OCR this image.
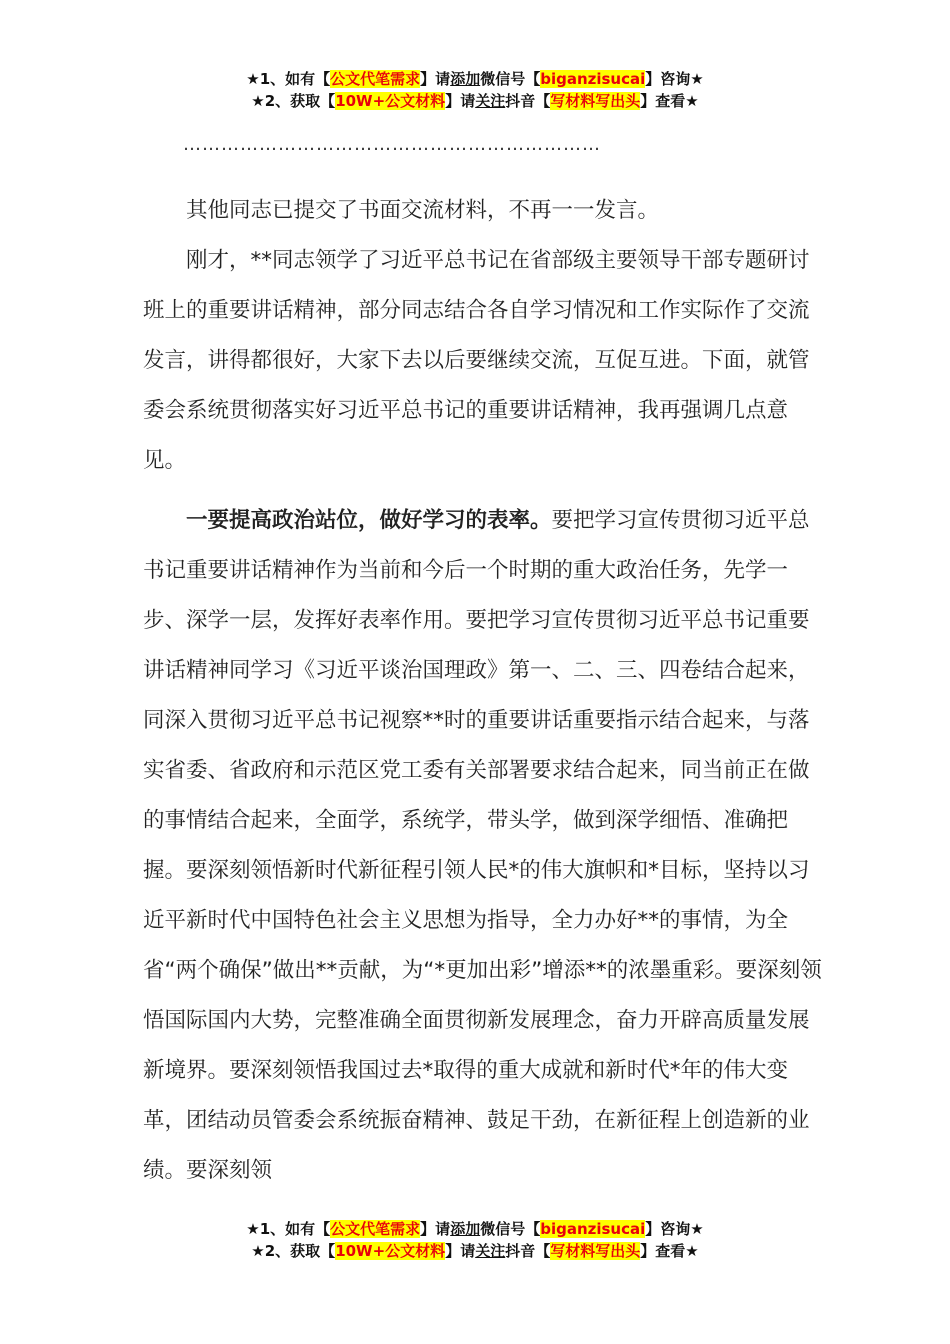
★1、如有【公文代笔需求】请添加微信号【biganzisucai】咨询★
★2、获取【10W+公文材料】请关注抖音【写材料写出头】查看★
…………………………………………………………

其他同志已提交了书面交流材料，不再一一发言。

刚才，**同志领学了习近平总书记在省部级主要领导干部专题研讨班上的重要讲话精神，部分同志结合各自学习情况和工作实际作了交流发言，讲得都很好，大家下去以后要继续交流，互促互进。下面，就管委会系统贯彻落实好习近平总书记的重要讲话精神，我再强调几点意见。

一要提高政治站位，做好学习的表率。要把学习宣传贯彻习近平总书记重要讲话精神作为当前和今后一个时期的重大政治任务，先学一步、深学一层，发挥好表率作用。要把学习宣传贯彻习近平总书记重要讲话精神同学习《习近平谈治国理政》第一、二、三、四卷结合起来，同深入贯彻习近平总书记视察**时的重要讲话重要指示结合起来，与落实省委、省政府和示范区党工委有关部署要求结合起来，同当前正在做的事情结合起来，全面学，系统学，带头学，做到深学细悟、准确把握。要深刻领悟新时代新征程引领人民*的伟大旗帜和*目标，坚持以习近平新时代中国特色社会主义思想为指导，全力办好**的事情，为全省“两个确保”做出**贡献，为“*更加出彩”增添**的浓墨重彩。要深刻领悟国际国内大势，完整准确全面贯彻新发展理念，奋力开辟高质量发展新境界。要深刻领悟我国过去*取得的重大成就和新时代*年的伟大变革，团结动员管委会系统振奋精神、鼓足干劲，在新征程上创造新的业绩。要深刻领

★1、如有【公文代笔需求】请添加微信号【biganzisucai】咨询★
★2、获取【10W+公文材料】请关注抖音【写材料写出头】查看★
